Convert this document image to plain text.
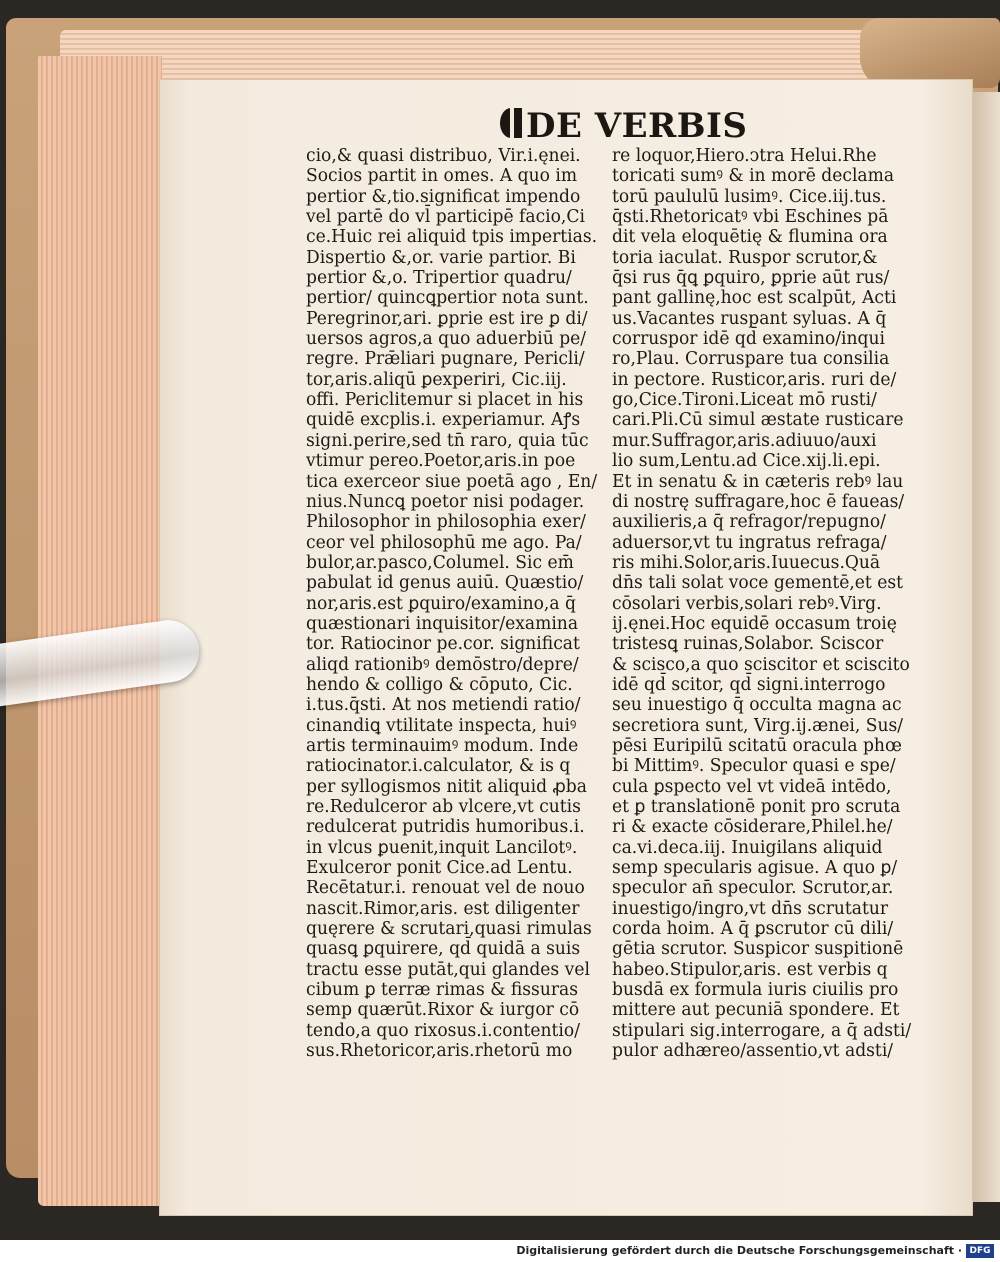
DE VERBIS
cio,& quasi distribuo, Vir.i.ęnei.
Socios partit in omes. A quo im
pertior &,tio.significat impendo
vel partē do vl̄ participē facio,Ci
ce.Huic rei aliquid tpis impertias.
Dispertio &,or. varie partior. Bi
pertior &,o. Tripertior quadru/
pertior/ quincꝗpertior nota sunt.
Peregrinor,ari. ꝑprie est ire ꝑ di/
uersos agros,a quo aduerbiū pe/
regre. Prǣliari pugnare, Pericli/
tor,aris.aliqū ꝑexperiri, Cic.iij.
offi. Periclitemur si placet in his
quidē excplis.i. experiamur. Aꝭs
signi.perire,sed tn̄ raro, quia tūc
vtimur pereo.Poetor,aris.in poe
tica exerceor siue poetā ago , En/
nius.Nuncꝗ poetor nisi podager.
Philosophor in philosophia exer/
ceor vel philosophū me ago. Pa/
bulor,ar.pasco,Columel. Sic em̄
pabulat id genus auiū. Quæstio/
nor,aris.est ꝑquiro/examino,a q̄
quæstionari inquisitor/examina
tor. Ratiocinor pe.cor. significat
aliqd rationibꝰ demōstro/depre/
hendo & colligo & cōputo, Cic.
i.tus.q̄sti. At nos metiendi ratio/
cinandiꝗ vtilitate inspecta, huiꝰ
artis terminauimꝰ modum. Inde
ratiocinator.i.calculator, & is q
per syllogismos nitit aliquid ꝓba
re.Redulceror ab vlcere,vt cutis
redulcerat putridis humoribus.i.
in vlcus ꝑuenit,inquit Lancilotꝰ.
Exulceror ponit Cice.ad Lentu.
Recētatur.i. renouat vel de nouo
nascit.Rimor,aris. est diligenter
quęrere & scrutari,quasi rimulas
quasꝗ ꝑquirere, qd̄ quidā a suis
tractu esse putāt,qui glandes vel
cibum ꝑ terræ rimas & fissuras
semp quærūt.Rixor & iurgor cō
tendo,a quo rixosus.i.contentio/
sus.Rhetoricor,aris.rhetorū mo
re loquor,Hiero.ↄtra Helui.Rhe
toricati sumꝰ & in morē declama
torū paululū lusimꝰ. Cice.iij.tus.
q̄sti.Rhetoricatꝰ vbi Eschines pā
dit vela eloquētię & flumina ora
toria iaculat. Ruspor scrutor,&
q̄si rus q̄ꝗ ꝑquiro, ꝑprie aūt rus/
pant gallinę,hoc est scalpūt, Acti
us.Vacantes ruspant syluas. A q̄
corruspor idē qd̄ examino/inqui
ro,Plau. Corruspare tua consilia
in pectore. Rusticor,aris. ruri de/
go,Cice.Tironi.Liceat mō rusti/
cari.Pli.Cū simul æstate rusticare
mur.Suffragor,aris.adiuuo/auxi
lio sum,Lentu.ad Cice.xij.li.epi.
Et in senatu & in cæteris rebꝰ lau
di nostrę suffragare,hoc ē faueas/
auxilieris,a q̄ refragor/repugno/
aduersor,vt tu ingratus refraga/
ris mihi.Solor,aris.Iuuecus.Quā
dn̄s tali solat voce gementē,et est
cōsolari verbis,solari rebꝰ.Virg.
ij.ęnei.Hoc equidē occasum troię
tristesꝗ ruinas,Solabor. Sciscor
& scisco,a quo sciscitor et sciscito
idē qd̄ scitor, qd̄ signi.interrogo
seu inuestigo q̄ occulta magna ac
secretiora sunt, Virg.ij.ænei, Sus/
pēsi Euripilū scitatū oracula phœ
bi Mittimꝰ. Speculor quasi e spe/
cula ꝑspecto vel vt videā intēdo,
et ꝑ translationē ponit pro scruta
ri & exacte cōsiderare,Philel.he/
ca.vi.deca.iij. Inuigilans aliquid
semp specularis agisue. A quo ꝑ/
speculor an̄ speculor. Scrutor,ar.
inuestigo/ingro,vt dn̄s scrutatur
corda hoim. A q̄ ꝑscrutor cū dili/
gētia scrutor. Suspicor suspitionē
habeo.Stipulor,aris. est verbis q
busdā ex formula iuris ciuilis pro
mittere aut pecuniā spondere. Et
stipulari sig.interrogare, a q̄ adsti/
pulor adhæreo/assentio,vt adsti/

Digitalisierung gefördert durch die Deutsche Forschungsgemeinschaft · DFG
